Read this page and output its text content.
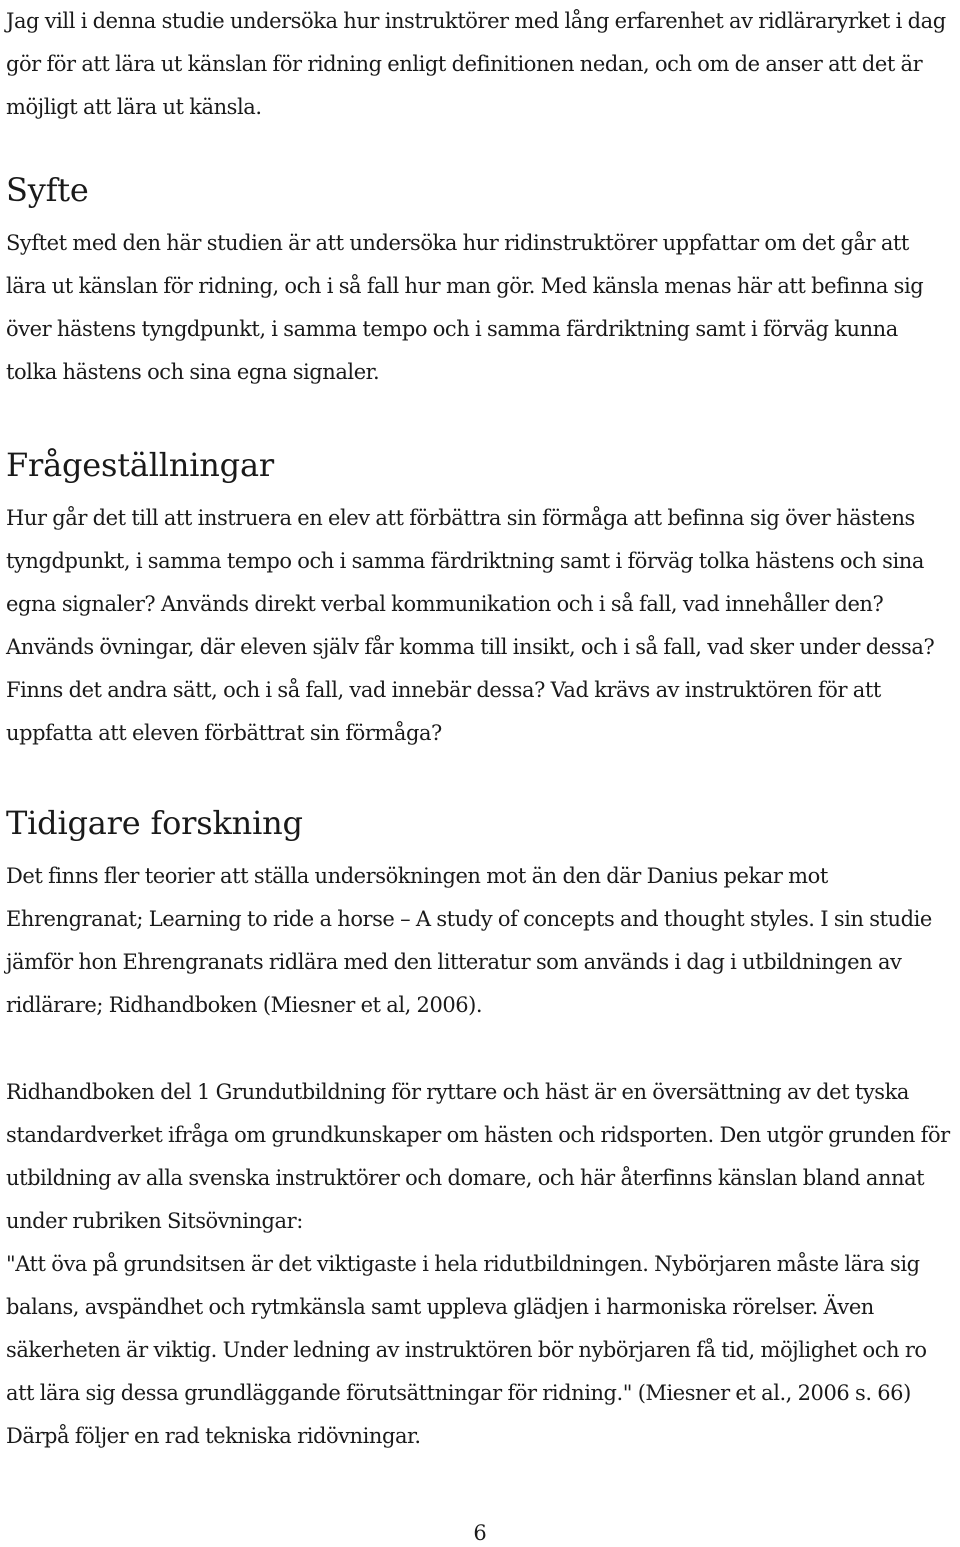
Jag vill i denna studie undersöka hur instruktörer med lång erfarenhet av ridläraryrket i dag gör för att lära ut känslan för ridning enligt definitionen nedan, och om de anser att det är möjligt att lära ut känsla.

Syfte

Syftet med den här studien är att undersöka hur ridinstruktörer uppfattar om det går att lära ut känslan för ridning, och i så fall hur man gör. Med känsla menas här att befinna sig över hästens tyngdpunkt, i samma tempo och i samma färdriktning samt i förväg kunna tolka hästens och sina egna signaler.

Frågeställningar

Hur går det till att instruera en elev att förbättra sin förmåga att befinna sig över hästens tyngdpunkt, i samma tempo och i samma färdriktning samt i förväg tolka hästens och sina egna signaler? Används direkt verbal kommunikation och i så fall, vad innehåller den? Används övningar, där eleven själv får komma till insikt, och i så fall, vad sker under dessa? Finns det andra sätt, och i så fall, vad innebär dessa? Vad krävs av instruktören för att uppfatta att eleven förbättrat sin förmåga?

Tidigare forskning

Det finns fler teorier att ställa undersökningen mot än den där Danius pekar mot Ehrengranat; Learning to ride a horse – A study of concepts and thought styles. I sin studie jämför hon Ehrengranats ridlära med den litteratur som används i dag i utbildningen av ridlärare; Ridhandboken (Miesner et al, 2006).

Ridhandboken del 1 Grundutbildning för ryttare och häst är en översättning av det tyska standardverket ifråga om grundkunskaper om hästen och ridsporten. Den utgör grunden för utbildning av alla svenska instruktörer och domare, och här återfinns känslan bland annat under rubriken Sitsövningar:

"Att öva på grundsitsen är det viktigaste i hela ridutbildningen. Nybörjaren måste lära sig balans, avspändhet och rytmkänsla samt uppleva glädjen i harmoniska rörelser. Även säkerheten är viktig. Under ledning av instruktören bör nybörjaren få tid, möjlighet och ro att lära sig dessa grundläggande förutsättningar för ridning." (Miesner et al., 2006 s. 66) Därpå följer en rad tekniska ridövningar.

6
